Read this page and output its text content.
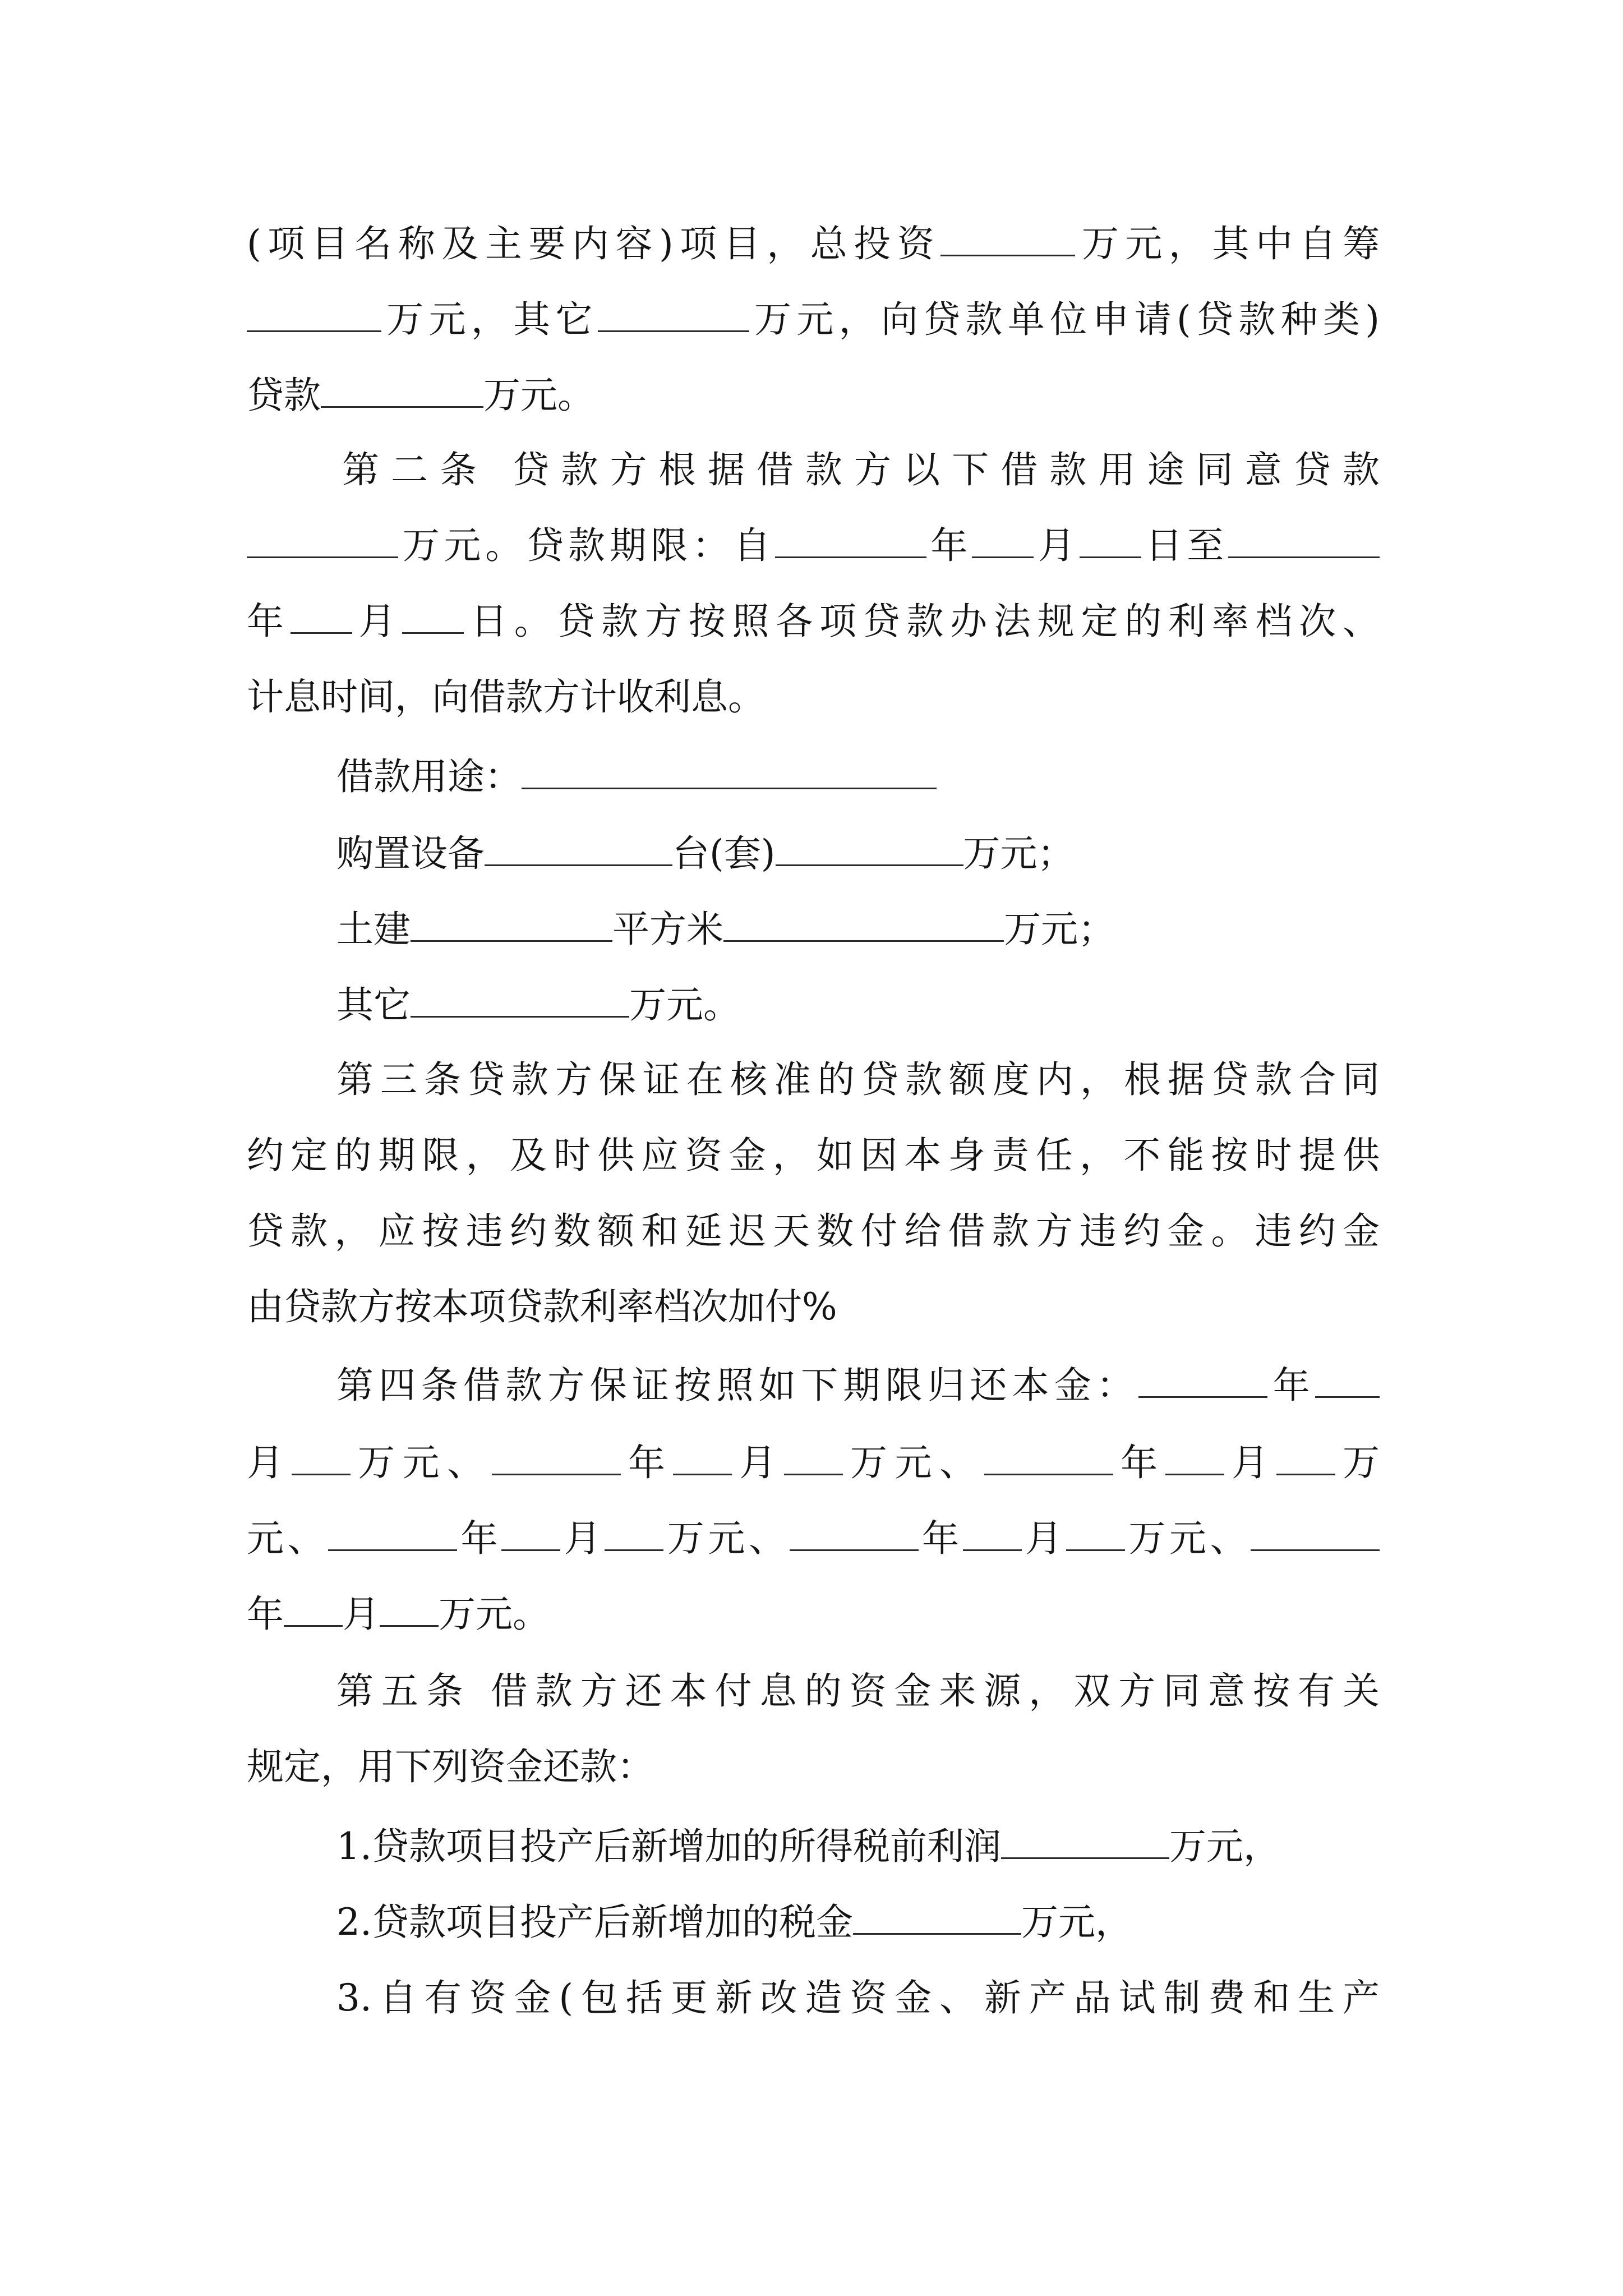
(项目名称及主要内容)项目，总投资	万元，其中自筹
万元，其它	万元，向贷款单位申请(贷款种类)
贷款	万元。
第二条 贷款方根据借款方以下借款用途同意贷款
万元。贷款期限：自	年 月 日至
年 月 日。贷款方按照各项贷款办法规定的利率档次、
计息时间，向借款方计收利息。
借款用途：
购置设备	台(套)	万元；
土建	平方米	万元；
其它	万元。
第三条贷款方保证在核准的贷款额度内，根据贷款合同
约定的期限，及时供应资金，如因本身责任，不能按时提供
贷款，应按违约数额和延迟天数付给借款方违约金。违约金
由贷款方按本项贷款利率档次加付%
第四条借款方保证按照如下期限归还本金：	年
月 万元、	年 月 万元、	年 月 万
元、	年 月 万元、	年 月 万元、
年 月 万元。
第五条 借款方还本付息的资金来源，双方同意按有关
规定，用下列资金还款：
1.贷款项目投产后新增加的所得税前利润	万元，
2.贷款项目投产后新增加的税金	万元，
3.自有资金(包括更新改造资金、新产品试制费和生产
